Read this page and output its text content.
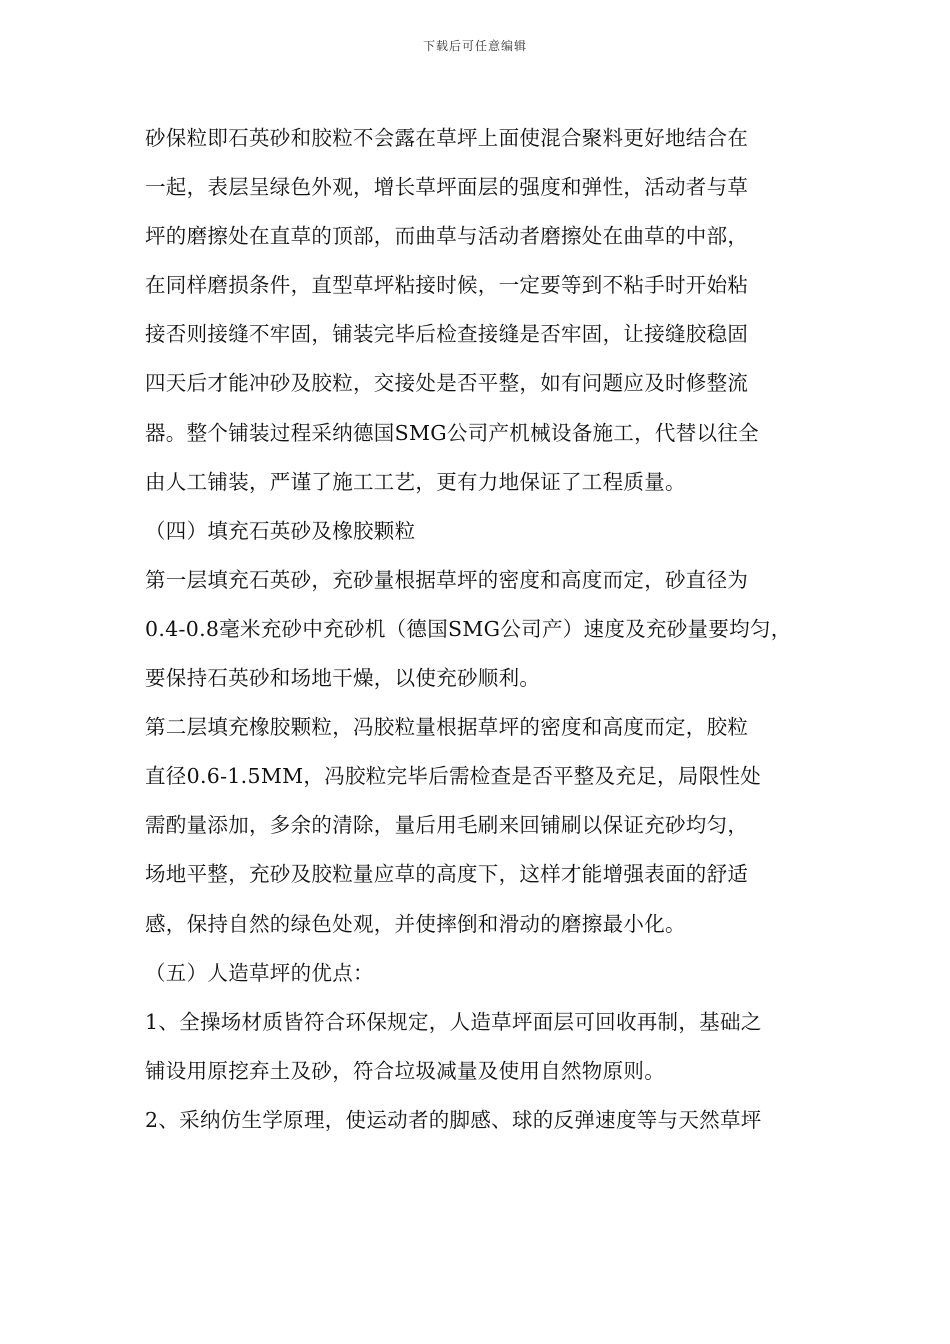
下载后可任意编辑
砂保粒即石英砂和胶粒不会露在草坪上面使混合聚料更好地结合在
一起，表层呈绿色外观，增长草坪面层的强度和弹性，活动者与草
坪的磨擦处在直草的顶部，而曲草与活动者磨擦处在曲草的中部，
在同样磨损条件，直型草坪粘接时候，一定要等到不粘手时开始粘
接否则接缝不牢固，铺装完毕后检查接缝是否牢固，让接缝胶稳固
四天后才能冲砂及胶粒，交接处是否平整，如有问题应及时修整流
器。整个铺装过程采纳德国SMG公司产机械设备施工，代替以往全
由人工铺装，严谨了施工工艺，更有力地保证了工程质量。
（四）填充石英砂及橡胶颗粒
第一层填充石英砂，充砂量根据草坪的密度和高度而定，砂直径为
0.4-0.8毫米充砂中充砂机（德国SMG公司产）速度及充砂量要均匀，
要保持石英砂和场地干燥，以使充砂顺利。
第二层填充橡胶颗粒，冯胶粒量根据草坪的密度和高度而定，胶粒
直径0.6-1.5MM，冯胶粒完毕后需检查是否平整及充足，局限性处
需酌量添加，多余的清除，量后用毛刷来回铺刷以保证充砂均匀，
场地平整，充砂及胶粒量应草的高度下，这样才能增强表面的舒适
感，保持自然的绿色处观，并使摔倒和滑动的磨擦最小化。
（五）人造草坪的优点：
1、全操场材质皆符合环保规定，人造草坪面层可回收再制，基础之
铺设用原挖弃土及砂，符合垃圾减量及使用自然物原则。
2、采纳仿生学原理，使运动者的脚感、球的反弹速度等与天然草坪
